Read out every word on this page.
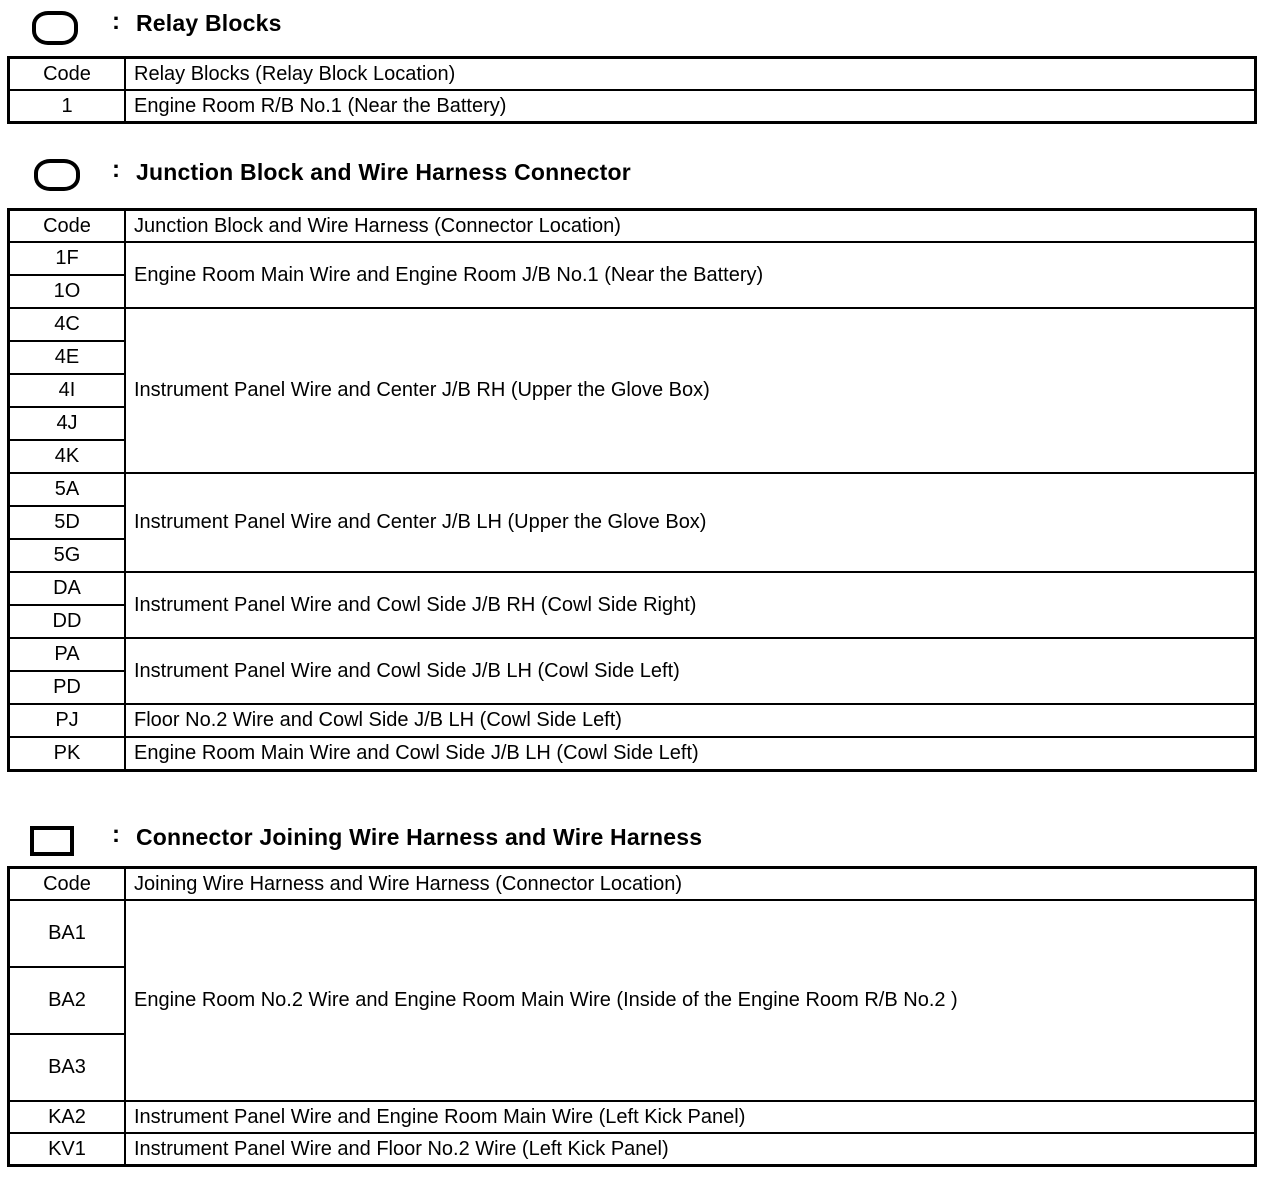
: Relay Blocks
Code	Relay Blocks (Relay Block Location)
1	Engine Room R/B No.1 (Near the Battery)
: Junction Block and Wire Harness Connector
Code	Junction Block and Wire Harness (Connector Location)
1F	Engine Room Main Wire and Engine Room J/B No.1 (Near the Battery)
1O	
4C	Instrument Panel Wire and Center J/B RH (Upper the Glove Box)
4E	
4I	
4J	
4K	
5A	Instrument Panel Wire and Center J/B LH (Upper the Glove Box)
5D	
5G	
DA	Instrument Panel Wire and Cowl Side J/B RH (Cowl Side Right)
DD	
PA	Instrument Panel Wire and Cowl Side J/B LH (Cowl Side Left)
PD	
PJ	Floor No.2 Wire and Cowl Side J/B LH (Cowl Side Left)
PK	Engine Room Main Wire and Cowl Side J/B LH (Cowl Side Left)
: Connector Joining Wire Harness and Wire Harness
Code	Joining Wire Harness and Wire Harness (Connector Location)
BA1	Engine Room No.2 Wire and Engine Room Main Wire (Inside of the Engine Room R/B No.2 )
BA2	
BA3	
KA2	Instrument Panel Wire and Engine Room Main Wire (Left Kick Panel)
KV1	Instrument Panel Wire and Floor No.2 Wire (Left Kick Panel)
